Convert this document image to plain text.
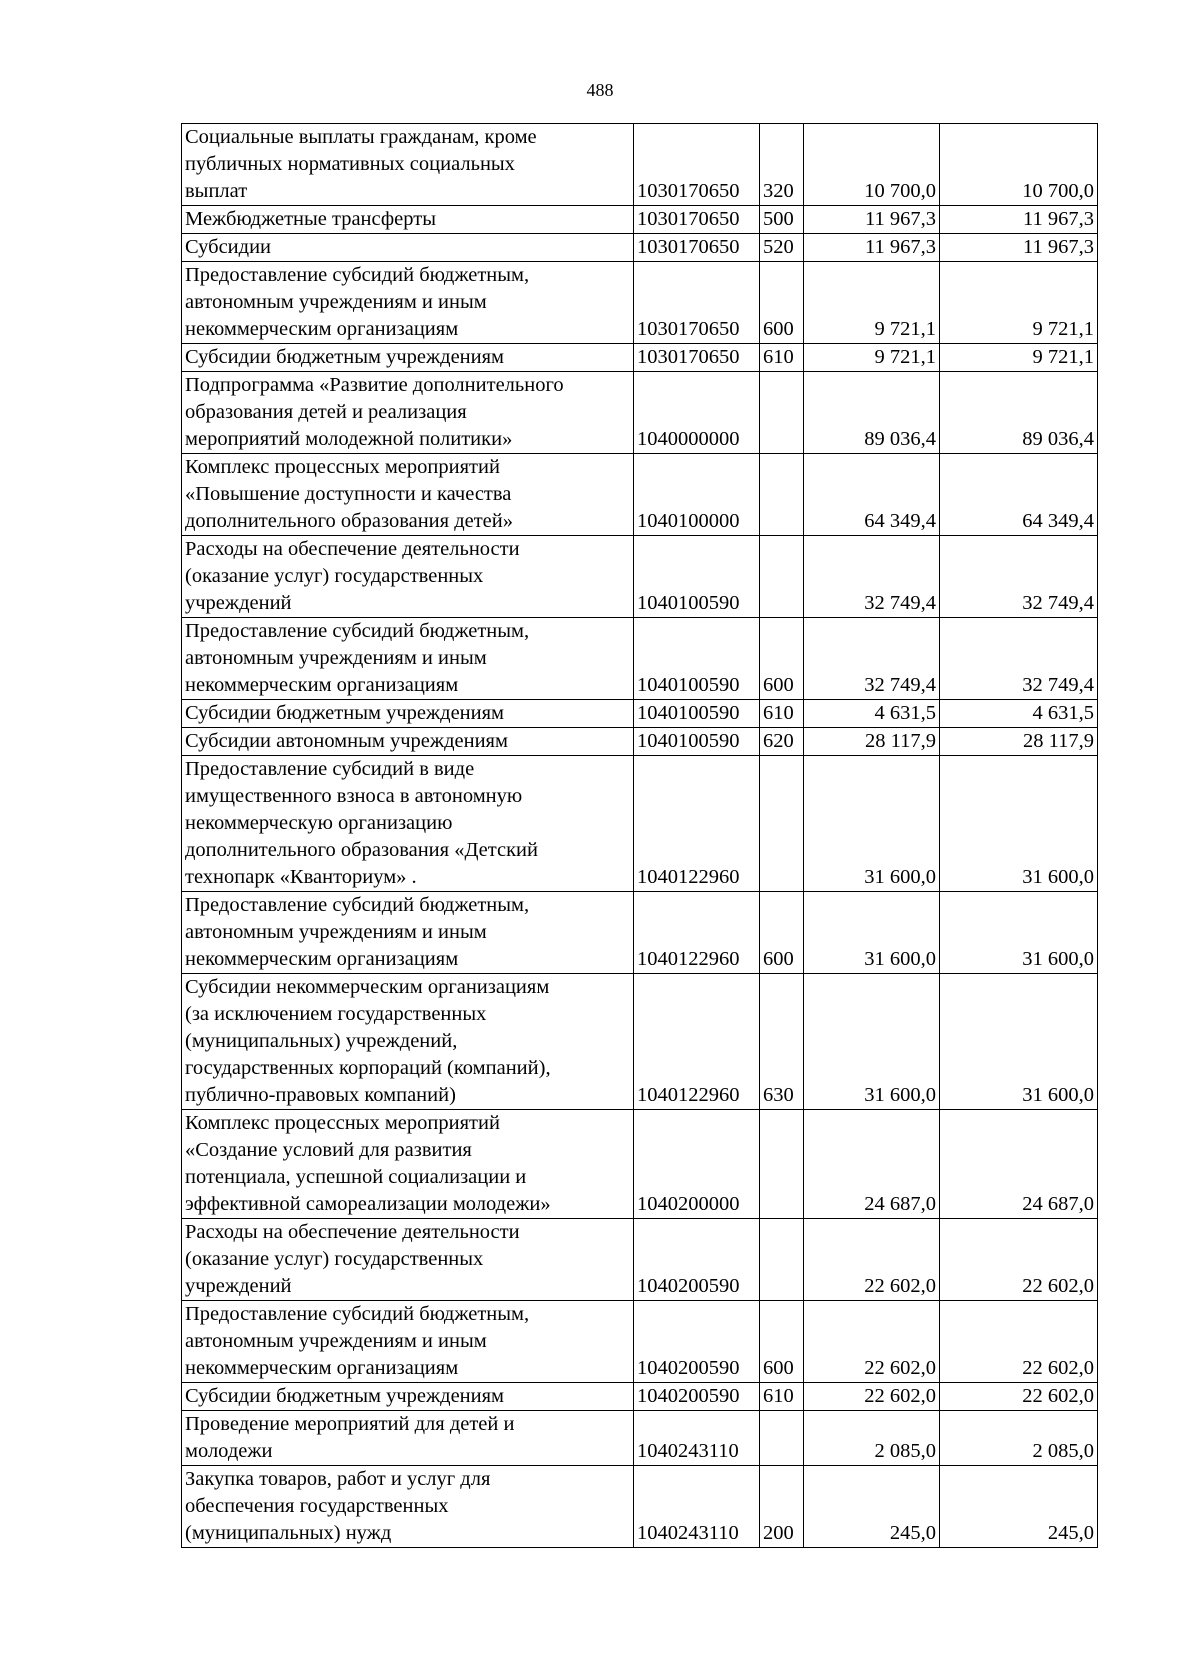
488
Социальные выплаты гражданам, кроме
публичных нормативных социальных
выплат	1030170650	320	10 700,0	10 700,0
Межбюджетные трансферты	1030170650	500	11 967,3	11 967,3
Субсидии	1030170650	520	11 967,3	11 967,3
Предоставление субсидий бюджетным,
автономным учреждениям и иным
некоммерческим организациям	1030170650	600	9 721,1	9 721,1
Субсидии бюджетным учреждениям	1030170650	610	9 721,1	9 721,1
Подпрограмма «Развитие дополнительного
образования детей и реализация
мероприятий молодежной политики»	1040000000		89 036,4	89 036,4
Комплекс процессных мероприятий
«Повышение доступности и качества
дополнительного образования детей»	1040100000		64 349,4	64 349,4
Расходы на обеспечение деятельности
(оказание услуг) государственных
учреждений	1040100590		32 749,4	32 749,4
Предоставление субсидий бюджетным,
автономным учреждениям и иным
некоммерческим организациям	1040100590	600	32 749,4	32 749,4
Субсидии бюджетным учреждениям	1040100590	610	4 631,5	4 631,5
Субсидии автономным учреждениям	1040100590	620	28 117,9	28 117,9
Предоставление субсидий в виде
имущественного взноса в автономную
некоммерческую организацию
дополнительного образования «Детский
технопарк «Кванториум» .	1040122960		31 600,0	31 600,0
Предоставление субсидий бюджетным,
автономным учреждениям и иным
некоммерческим организациям	1040122960	600	31 600,0	31 600,0
Субсидии некоммерческим организациям
(за исключением государственных
(муниципальных) учреждений,
государственных корпораций (компаний),
публично-правовых компаний)	1040122960	630	31 600,0	31 600,0
Комплекс процессных мероприятий
«Создание условий для развития
потенциала, успешной социализации и
эффективной самореализации молодежи»	1040200000		24 687,0	24 687,0
Расходы на обеспечение деятельности
(оказание услуг) государственных
учреждений	1040200590		22 602,0	22 602,0
Предоставление субсидий бюджетным,
автономным учреждениям и иным
некоммерческим организациям	1040200590	600	22 602,0	22 602,0
Субсидии бюджетным учреждениям	1040200590	610	22 602,0	22 602,0
Проведение мероприятий для детей и
молодежи	1040243110		2 085,0	2 085,0
Закупка товаров, работ и услуг для
обеспечения государственных
(муниципальных) нужд	1040243110	200	245,0	245,0
